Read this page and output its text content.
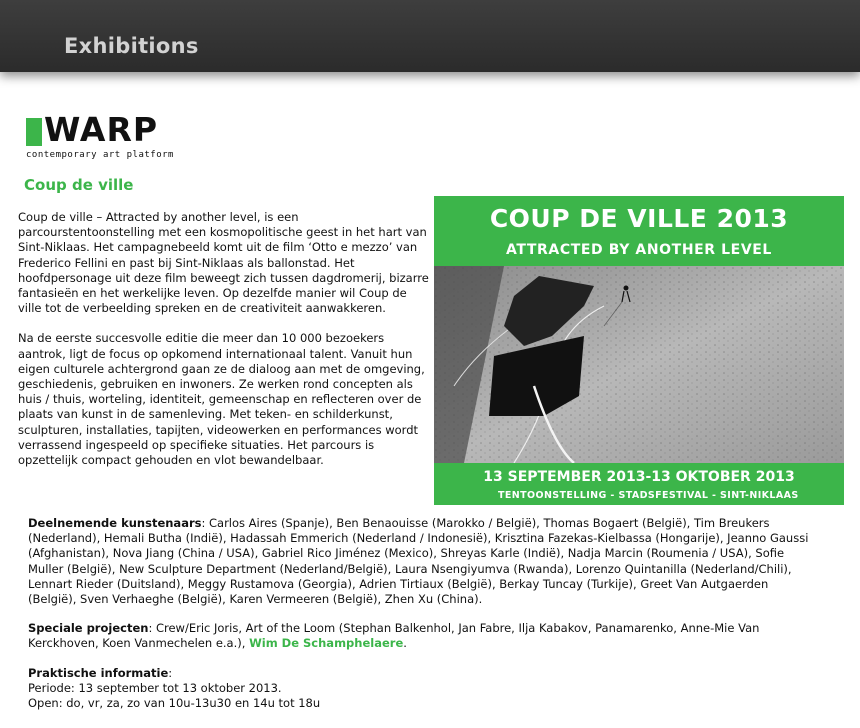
Exhibitions
WARP
contemporary art platform
Coup de ville

Coup de ville – Attracted by another level, is een parcourstentoonstelling met een kosmopolitische geest in het hart van Sint-Niklaas. Het campagnebeeld komt uit de film ‘Otto e mezzo’ van Frederico Fellini en past bij Sint-Niklaas als ballonstad. Het hoofdpersonage uit deze film beweegt zich tussen dagdromerij, bizarre fantasieën en het werkelijke leven. Op dezelfde manier wil Coup de ville tot de verbeelding spreken en de creativiteit aanwakkeren.

Na de eerste succesvolle editie die meer dan 10 000 bezoekers aantrok, ligt de focus op opkomend internationaal talent. Vanuit hun eigen culturele achtergrond gaan ze de dialoog aan met de omgeving, geschiedenis, gebruiken en inwoners. Ze werken rond concepten als huis / thuis, worteling, identiteit, gemeenschap en reflecteren over de plaats van kunst in de samenleving. Met teken- en schilderkunst, sculpturen, installaties, tapijten, videowerken en performances wordt verrassend ingespeeld op specifieke situaties. Het parcours is opzettelijk compact gehouden en vlot bewandelbaar.

COUP DE VILLE 2013
ATTRACTED BY ANOTHER LEVEL
13 SEPTEMBER 2013-13 OKTOBER 2013
TENTOONSTELLING - STADSFESTIVAL - SINT-NIKLAAS

Deelnemende kunstenaars: Carlos Aires (Spanje), Ben Benaouisse (Marokko / België), Thomas Bogaert (België), Tim Breukers (Nederland), Hemali Butha (Indië), Hadassah Emmerich (Nederland / Indonesië), Krisztina Fazekas-Kielbassa (Hongarije), Jeanno Gaussi (Afghanistan), Nova Jiang (China / USA), Gabriel Rico Jiménez (Mexico), Shreyas Karle (Indië), Nadja Marcin (Roumenia / USA), Sofie Muller (België), New Sculpture Department (Nederland/België), Laura Nsengiyumva (Rwanda), Lorenzo Quintanilla (Nederland/Chili), Lennart Rieder (Duitsland), Meggy Rustamova (Georgia), Adrien Tirtiaux (België), Berkay Tuncay (Turkije), Greet Van Autgaerden (België), Sven Verhaeghe (België), Karen Vermeeren (België), Zhen Xu (China).

Speciale projecten: Crew/Eric Joris, Art of the Loom (Stephan Balkenhol, Jan Fabre, Ilja Kabakov, Panamarenko, Anne-Mie Van Kerckhoven, Koen Vanmechelen e.a.), Wim De Schamphelaere.

Praktische informatie:
Periode: 13 september tot 13 oktober 2013.
Open: do, vr, za, zo van 10u-13u30 en 14u tot 18u
